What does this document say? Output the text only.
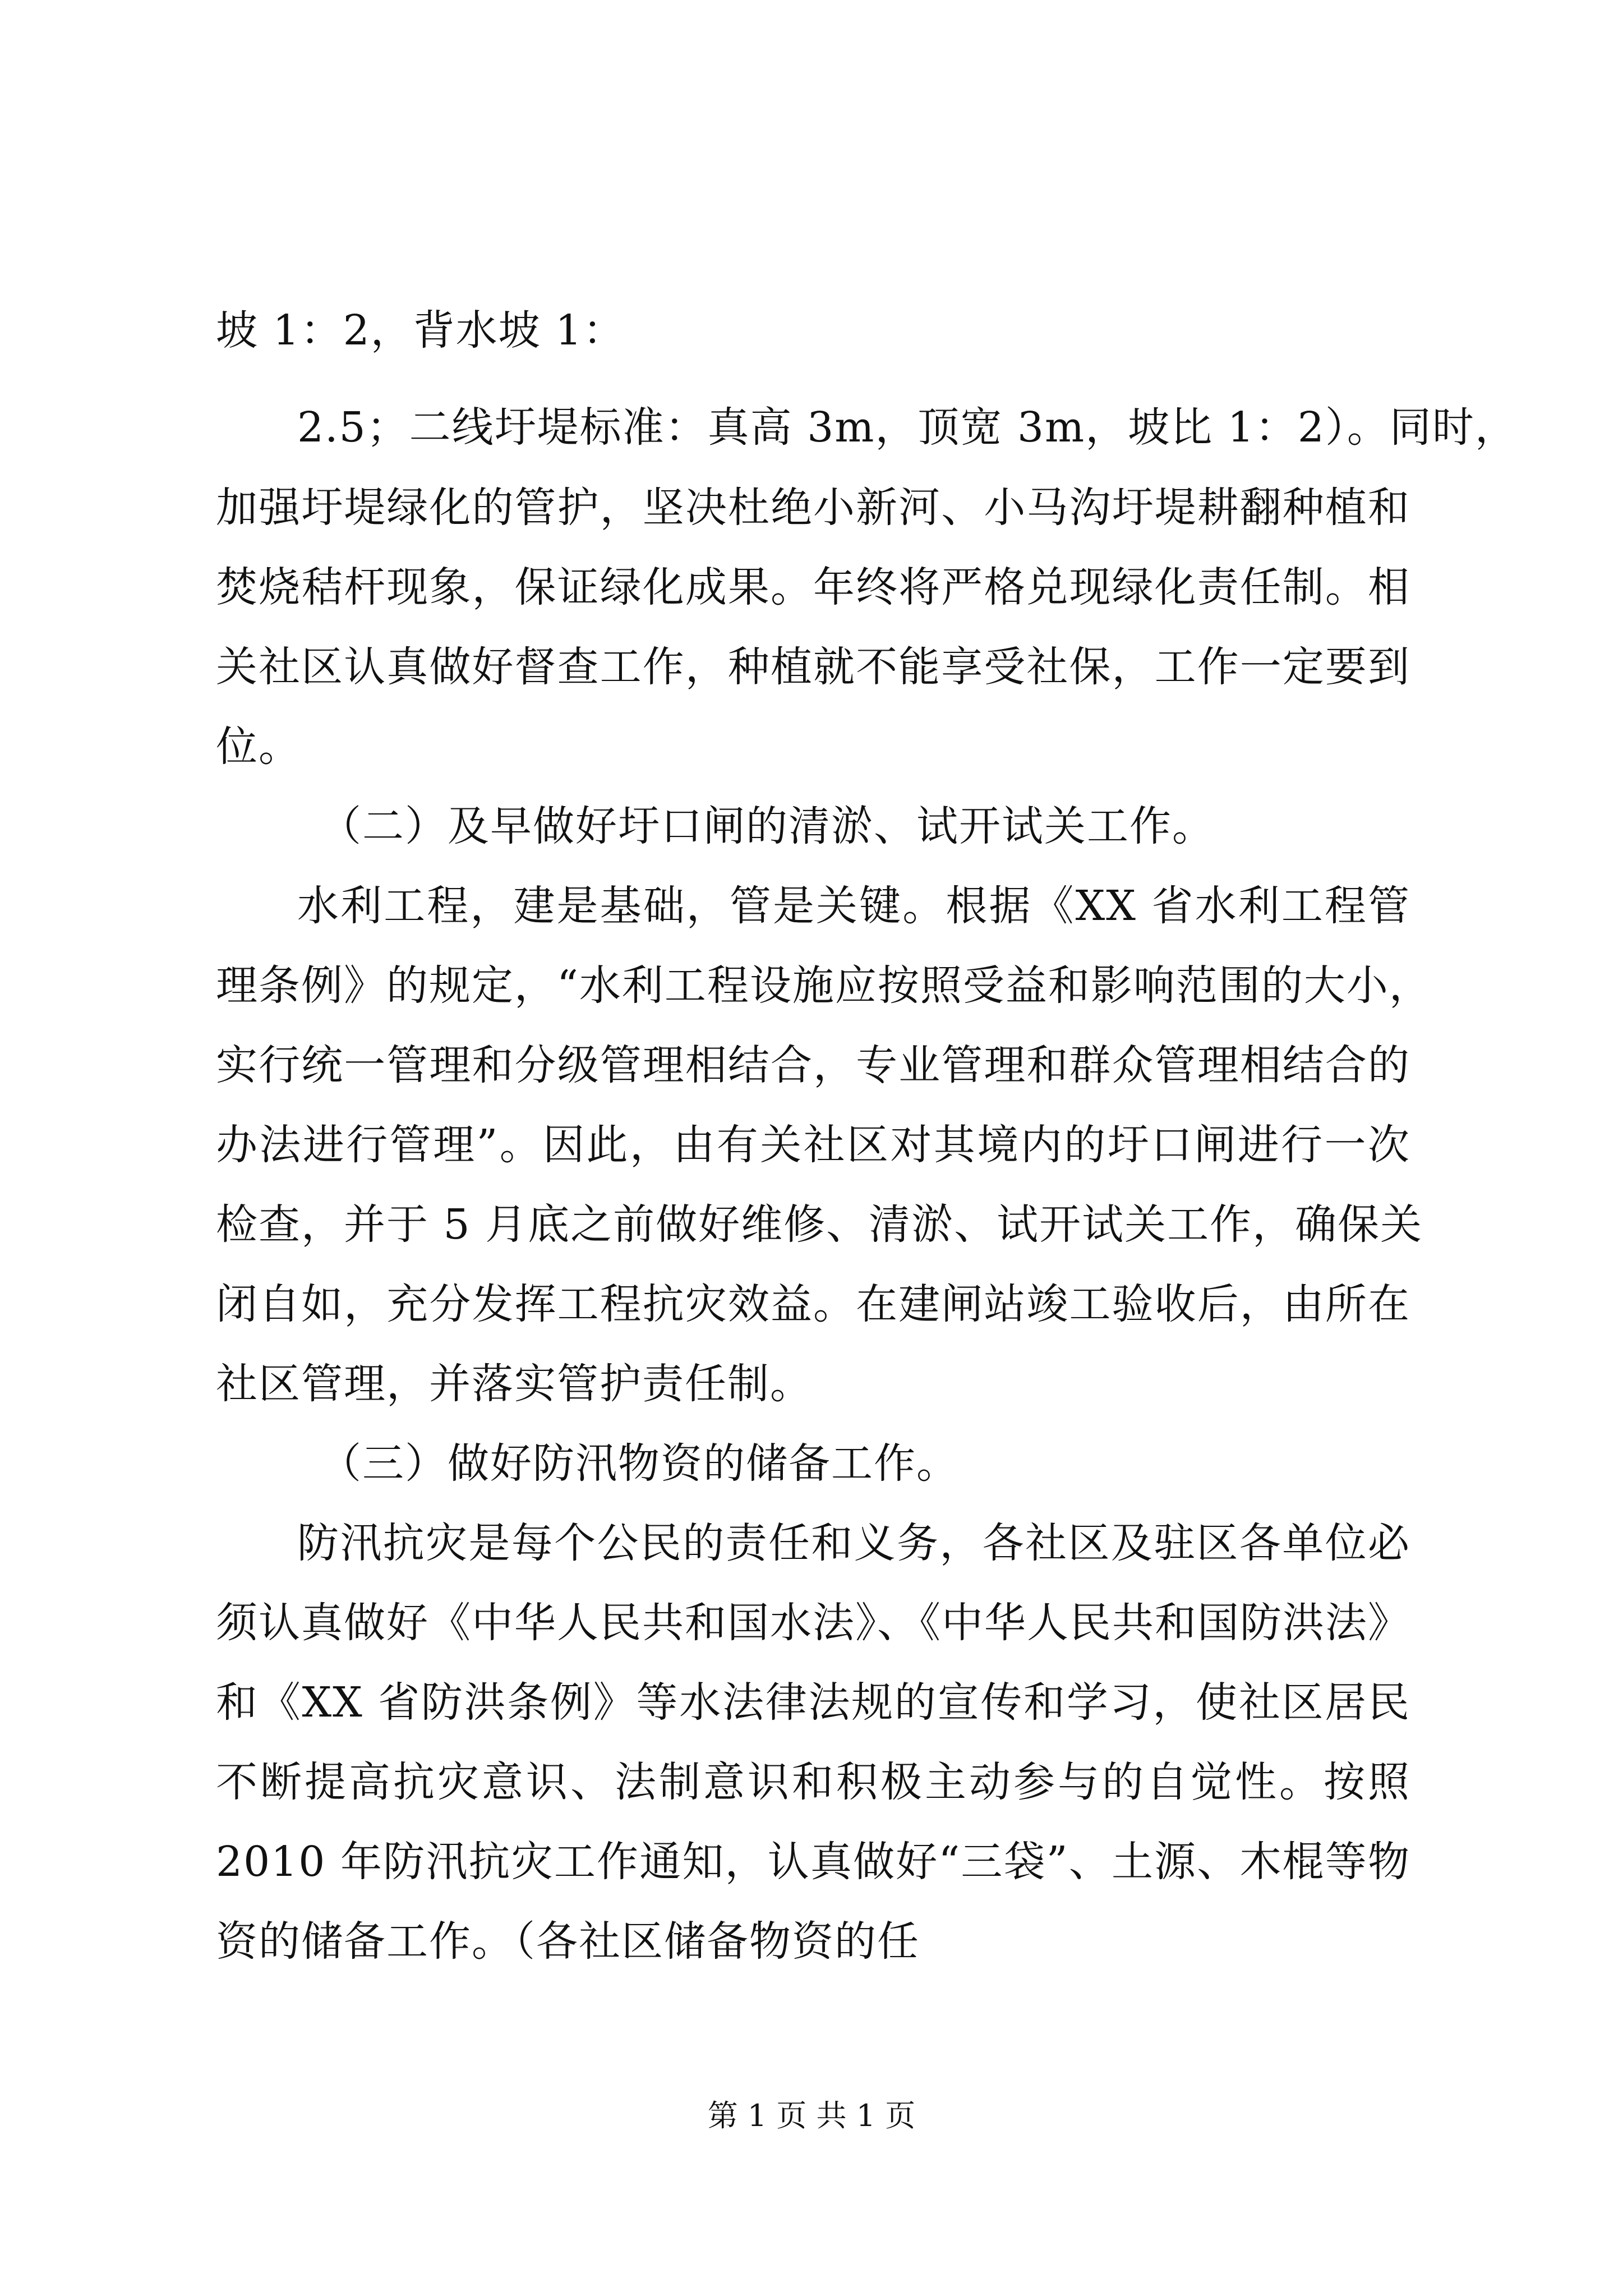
坡 1：2，背水坡 1：
2.5；二线圩堤标准：真高 3m，顶宽 3m，坡比 1：2）。同时，
加强圩堤绿化的管护，坚决杜绝小新河、小马沟圩堤耕翻种植和
焚烧秸杆现象，保证绿化成果。年终将严格兑现绿化责任制。相
关社区认真做好督查工作，种植就不能享受社保，工作一定要到
位。
（二）及早做好圩口闸的清淤、试开试关工作。
水利工程，建是基础，管是关键。根据《XX 省水利工程管
理条例》的规定，“水利工程设施应按照受益和影响范围的大小，
实行统一管理和分级管理相结合，专业管理和群众管理相结合的
办法进行管理”。因此，由有关社区对其境内的圩口闸进行一次
检查，并于 5 月底之前做好维修、清淤、试开试关工作，确保关
闭自如，充分发挥工程抗灾效益。在建闸站竣工验收后，由所在
社区管理，并落实管护责任制。
（三）做好防汛物资的储备工作。
防汛抗灾是每个公民的责任和义务，各社区及驻区各单位必
须认真做好《中华人民共和国水法》、《中华人民共和国防洪法》
和《XX 省防洪条例》等水法律法规的宣传和学习，使社区居民
不断提高抗灾意识、法制意识和积极主动参与的自觉性。按照
2010 年防汛抗灾工作通知，认真做好“三袋”、土源、木棍等物
资的储备工作。（各社区储备物资的任
第 1 页 共 1 页
